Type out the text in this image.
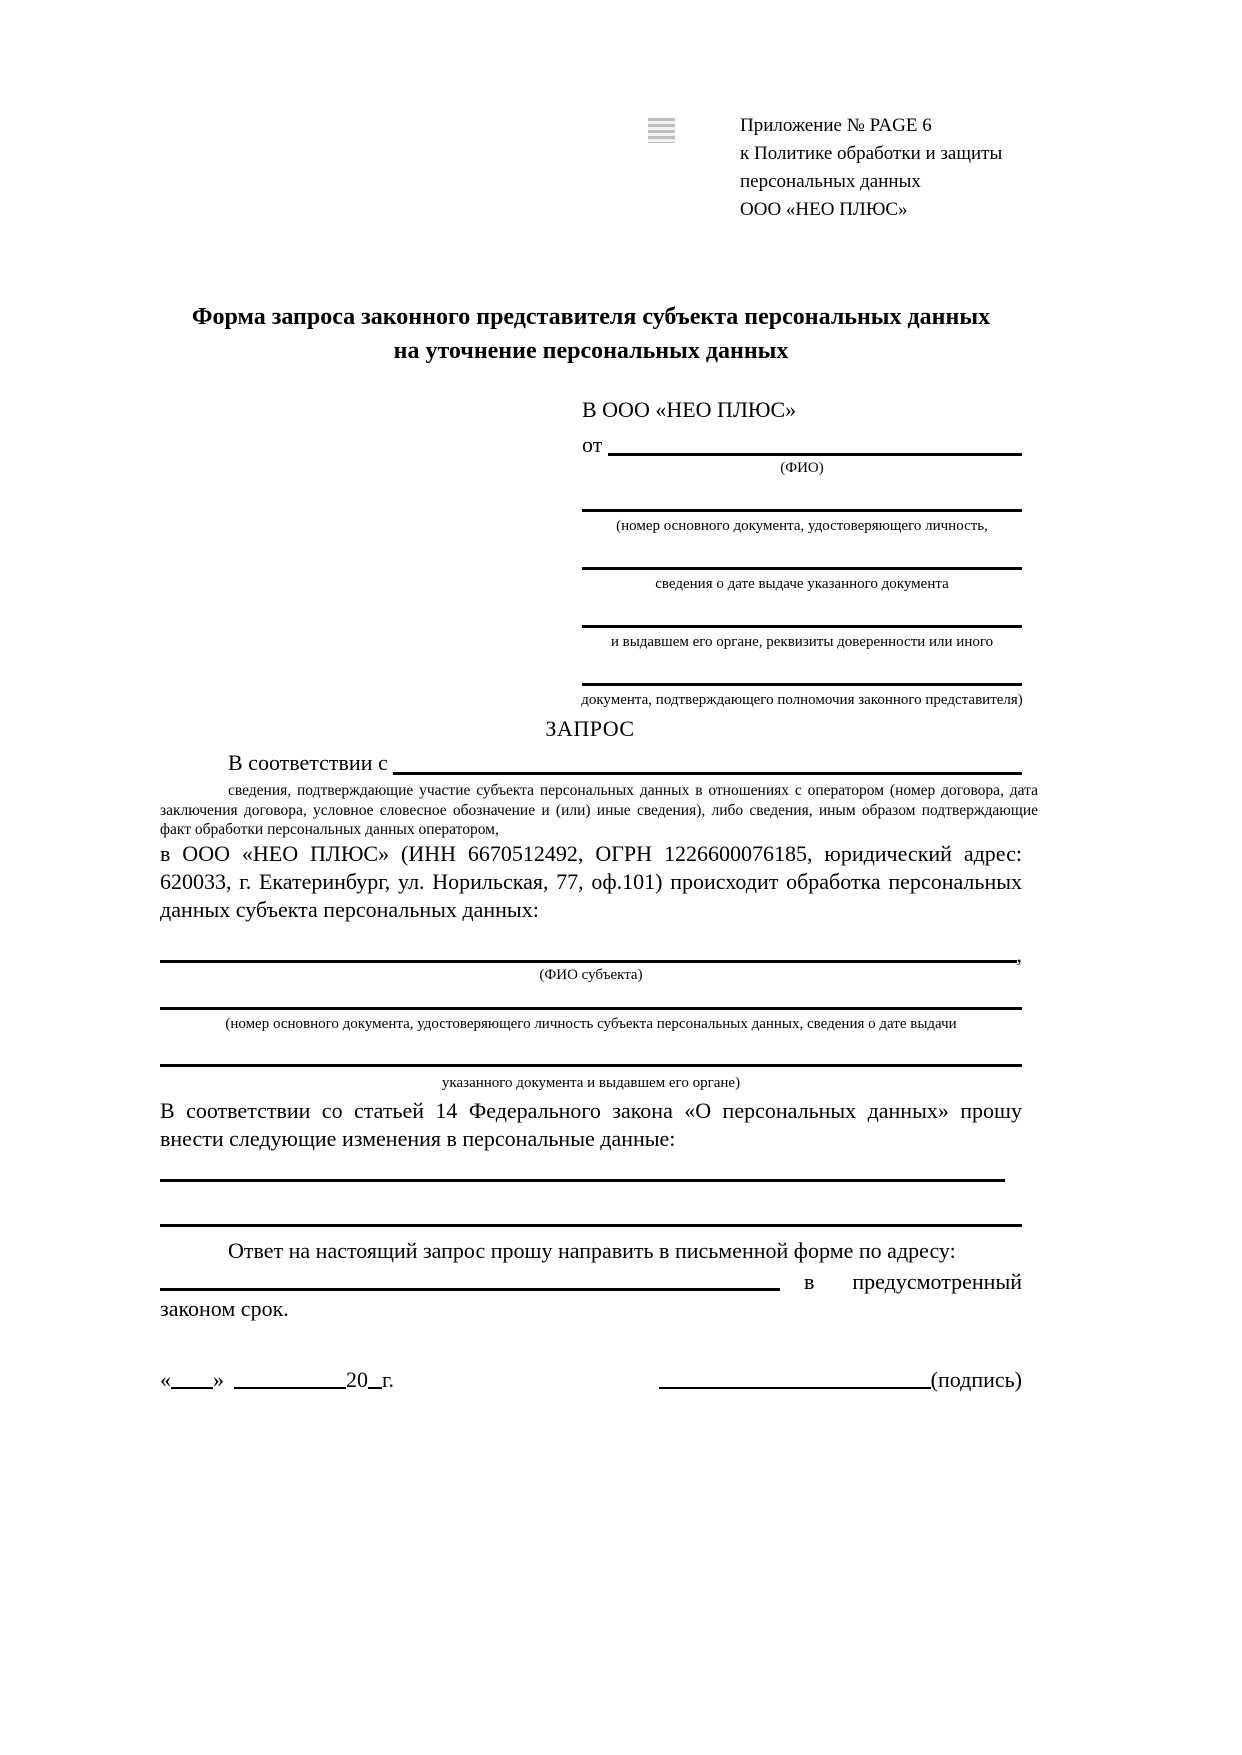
Приложение № PAGE 6
к Политике обработки и защиты
персональных данных
ООО «НЕО ПЛЮС»
Форма запроса законного представителя субъекта персональных данных
на уточнение персональных данных
В ООО «НЕО ПЛЮС»
от
(ФИО)
(номер основного документа, удостоверяющего личность,
сведения о дате выдаче указанного документа
и выдавшем его органе, реквизиты доверенности или иного
документа, подтверждающего полномочия законного представителя)
ЗАПРОС
В соответствии с
сведения, подтверждающие участие субъекта персональных данных в отношениях с оператором (номер договора, дата заключения договора, условное словесное обозначение и (или) иные сведения), либо сведения, иным образом подтверждающие факт обработки персональных данных оператором,
в ООО «НЕО ПЛЮС» (ИНН 6670512492, ОГРН 1226600076185, юридический адрес: 620033, г. Екатеринбург, ул. Норильская, 77, оф.101) происходит обработка персональных данных субъекта персональных данных:
,
(ФИО субъекта)
(номер основного документа, удостоверяющего личность субъекта персональных данных, сведения о дате выдачи
указанного документа и выдавшем его органе)
В соответствии со статьей 14 Федерального закона «О персональных данных» прошу внести следующие изменения в персональные данные:
Ответ на настоящий запрос прошу направить в письменной форме по адресу:
в предусмотренный
законом срок.
« »	20 г.	(подпись)
